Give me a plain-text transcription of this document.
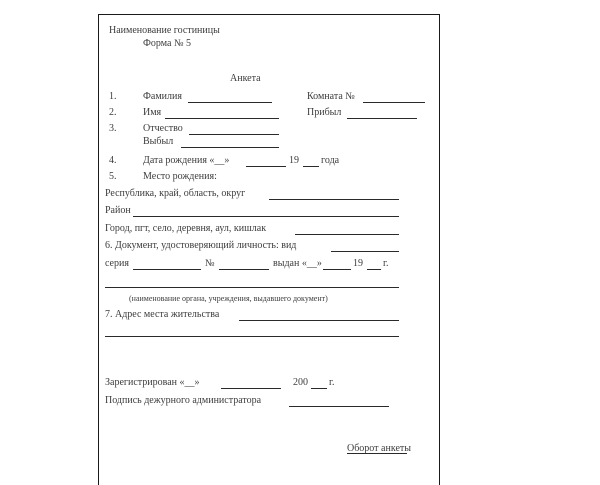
Наименование гостиницы
Форма № 5
Анкета
1.	Фамилия	Комната №
2.	Имя	Прибыл
3.	Отчество
Выбыл
4.	Дата рождения «__»	19 года
5.	Место рождения:
Республика, край, область, округ
Район
Город, пгт, село, деревня, аул, кишлак
6. Документ, удостоверяющий личность: вид
серия	№	выдан «__»	19 г.
(наименование органа, учреждения, выдавшего документ)
7. Адрес места жительства
Зарегистрирован «__»	200 г.
Подпись дежурного администратора
Оборот анкеты
